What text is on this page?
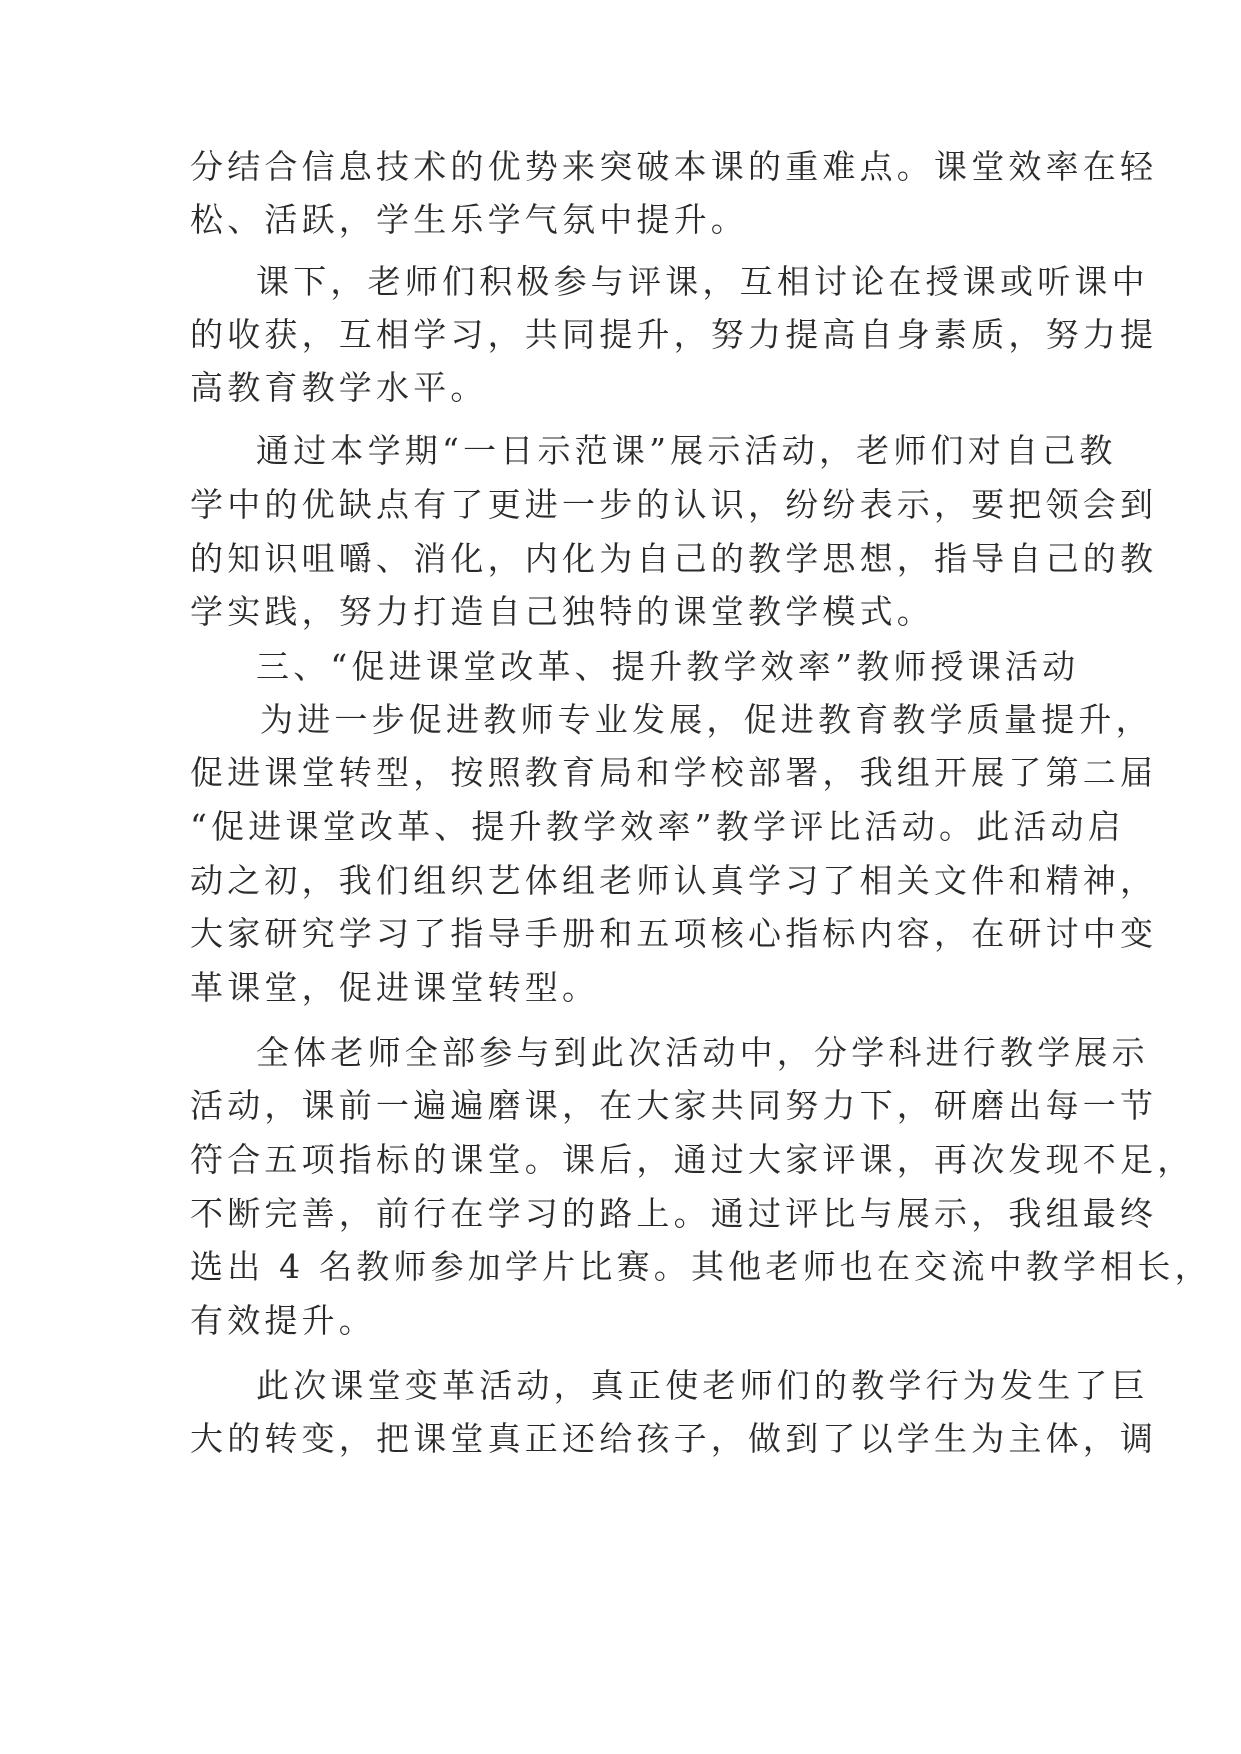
分结合信息技术的优势来突破本课的重难点。课堂效率在轻
松、活跃，学生乐学气氛中提升。
课下，老师们积极参与评课，互相讨论在授课或听课中
的收获，互相学习，共同提升，努力提高自身素质，努力提
高教育教学水平。
通过本学期“一日示范课”展示活动，老师们对自己教
学中的优缺点有了更进一步的认识，纷纷表示，要把领会到
的知识咀嚼、消化，内化为自己的教学思想，指导自己的教
学实践，努力打造自己独特的课堂教学模式。
三、“促进课堂改革、提升教学效率”教师授课活动
为进一步促进教师专业发展，促进教育教学质量提升，
促进课堂转型，按照教育局和学校部署，我组开展了第二届
“促进课堂改革、提升教学效率”教学评比活动。此活动启
动之初，我们组织艺体组老师认真学习了相关文件和精神，
大家研究学习了指导手册和五项核心指标内容，在研讨中变
革课堂，促进课堂转型。
全体老师全部参与到此次活动中，分学科进行教学展示
活动，课前一遍遍磨课，在大家共同努力下，研磨出每一节
符合五项指标的课堂。课后，通过大家评课，再次发现不足，
不断完善，前行在学习的路上。通过评比与展示，我组最终
选出 4 名教师参加学片比赛。其他老师也在交流中教学相长，
有效提升。
此次课堂变革活动，真正使老师们的教学行为发生了巨
大的转变，把课堂真正还给孩子，做到了以学生为主体，调
